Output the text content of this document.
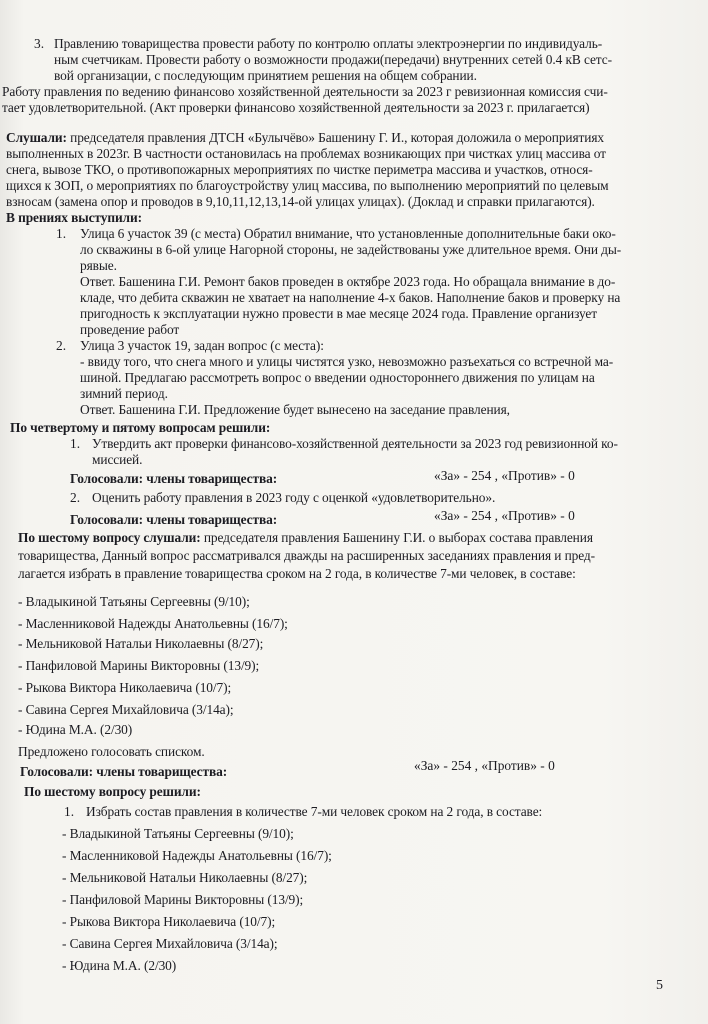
3. Правлению товарищества провести работу по контролю оплаты электроэнергии по индивидуаль-
ным счетчикам. Провести работу о возможности продажи(передачи) внутренних сетей 0.4 кВ сетс-
вой организации, с последующим принятием решения на общем собрании.
Работу правления по ведению финансово хозяйственной деятельности за 2023 г ревизионная комиссия счи-
тает удовлетворительной. (Акт проверки финансово хозяйственной деятельности за 2023 г. прилагается)
Слушали: председателя правления ДТСН «Булычёво» Башенину Г. И., которая доложила о мероприятиях
выполненных в 2023г. В частности остановилась на проблемах возникающих при чистках улиц массива от
снега, вывозе ТКО, о противопожарных мероприятиях по чистке периметра массива и участков, относя-
щихся к ЗОП, о мероприятиях по благоустройству улиц массива, по выполнению мероприятий по целевым
взносам (замена опор и проводов в 9,10,11,12,13,14-ой улицах улицах). (Доклад и справки прилагаются).
В прениях выступили:
1. Улица 6 участок 39 (с места) Обратил внимание, что установленные дополнительные баки око-
ло скважины в 6-ой улице Нагорной стороны, не задействованы уже длительное время. Они ды-
рявые.
Ответ. Башенина Г.И. Ремонт баков проведен в октябре 2023 года. Но обращала внимание в до-
кладе, что дебита скважин не хватает на наполнение 4-х баков. Наполнение баков и проверку на
пригодность к эксплуатации нужно провести в мае месяце 2024 года. Правление организует
проведение работ
2. Улица 3 участок 19, задан вопрос (с места):
- ввиду того, что снега много и улицы чистятся узко, невозможно разъехаться со встречной ма-
шиной. Предлагаю рассмотреть вопрос о введении одностороннего движения по улицам на
зимний период.
Ответ. Башенина Г.И. Предложение будет вынесено на заседание правления,
По четвертому и пятому вопросам решили:
1. Утвердить акт проверки финансово-хозяйственной деятельности за 2023 год ревизионной ко-
миссией.
Голосовали: члены товарищества:	«За» - 254 , «Против» - 0
2. Оценить работу правления в 2023 году с оценкой «удовлетворительно».
Голосовали: члены товарищества:	«За» - 254 , «Против» - 0
По шестому вопросу слушали: председателя правления Башенину Г.И. о выборах состава правления
товарищества, Данный вопрос рассматривался дважды на расширенных заседаниях правления и пред-
лагается избрать в правление товарищества сроком на 2 года, в количестве 7-ми человек, в составе:
- Владыкиной Татьяны Сергеевны (9/10);
- Масленниковой Надежды Анатольевны (16/7);
- Мельниковой Натальи Николаевны (8/27);
- Панфиловой Марины Викторовны (13/9);
- Рыкова Виктора Николаевича (10/7);
- Савина Сергея Михайловича (3/14а);
- Юдина М.А. (2/30)
Предложено голосовать списком.
Голосовали: члены товарищества:	«За» - 254 , «Против» - 0
По шестому вопросу решили:
1. Избрать состав правления в количестве 7-ми человек сроком на 2 года, в составе:
- Владыкиной Татьяны Сергеевны (9/10);
- Масленниковой Надежды Анатольевны (16/7);
- Мельниковой Натальи Николаевны (8/27);
- Панфиловой Марины Викторовны (13/9);
- Рыкова Виктора Николаевича (10/7);
- Савина Сергея Михайловича (3/14а);
- Юдина М.А. (2/30)
5
